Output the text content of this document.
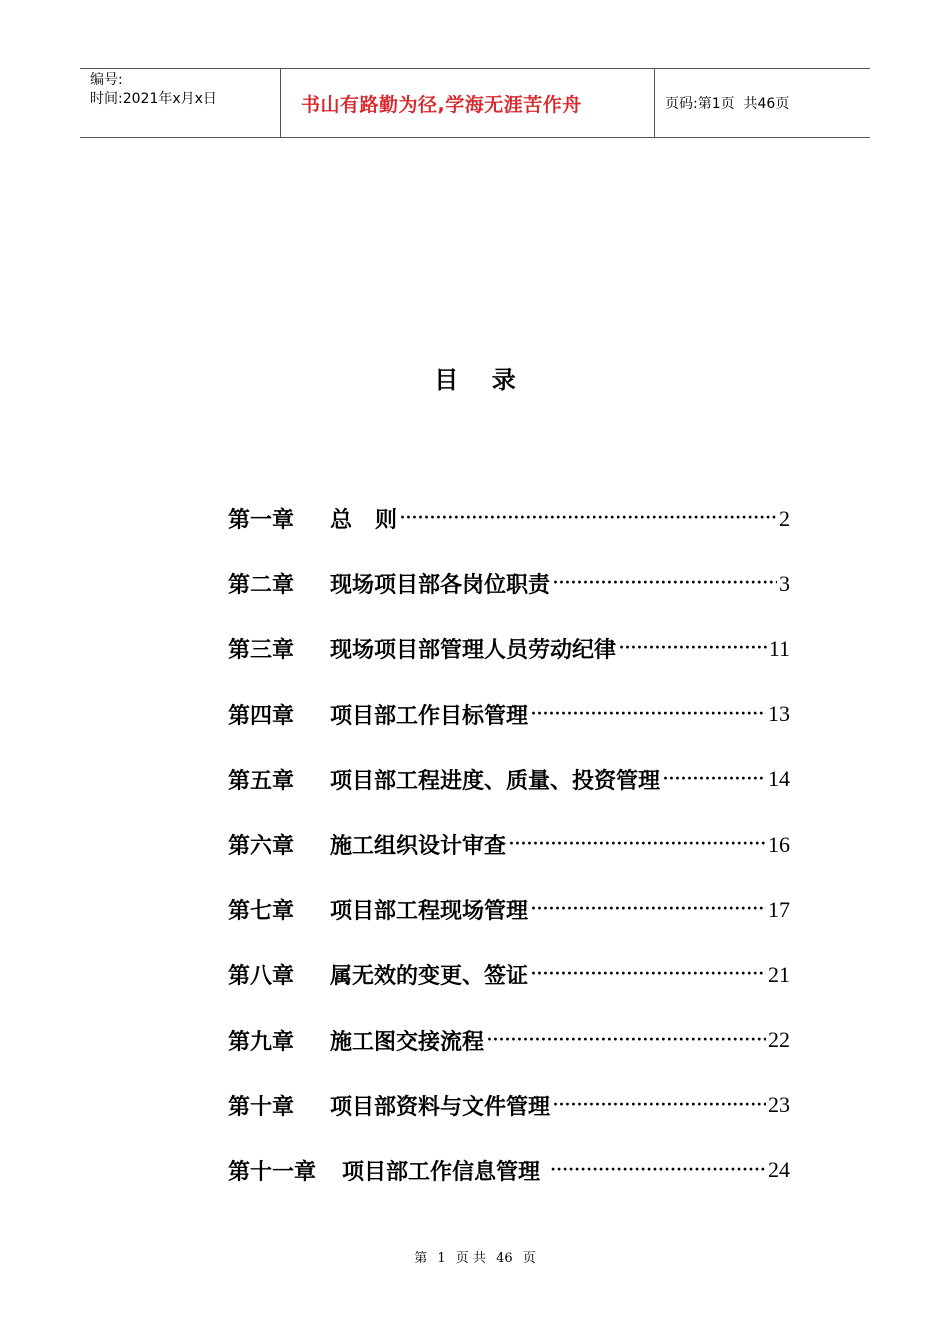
编号:
时间:2021年x月x日	书山有路勤为径,学海无涯苦作舟	页码:第1页  共46页
目    录
第一章	总   则 ·····	2
第二章	现场项目部各岗位职责 ·····	3
第三章	现场项目部管理人员劳动纪律 ·····	11
第四章	项目部工作目标管理 ·····	13
第五章	项目部工程进度、质量、投资管理 ·····	14
第六章	施工组织设计审查 ·····	16
第七章	项目部工程现场管理 ·····	17
第八章	属无效的变更、签证 ·····	21
第九章	施工图交接流程 ·····	22
第十章	项目部资料与文件管理 ·····	23
第十一章	项目部工作信息管理 ·····	24
第 1 页 共 46 页
